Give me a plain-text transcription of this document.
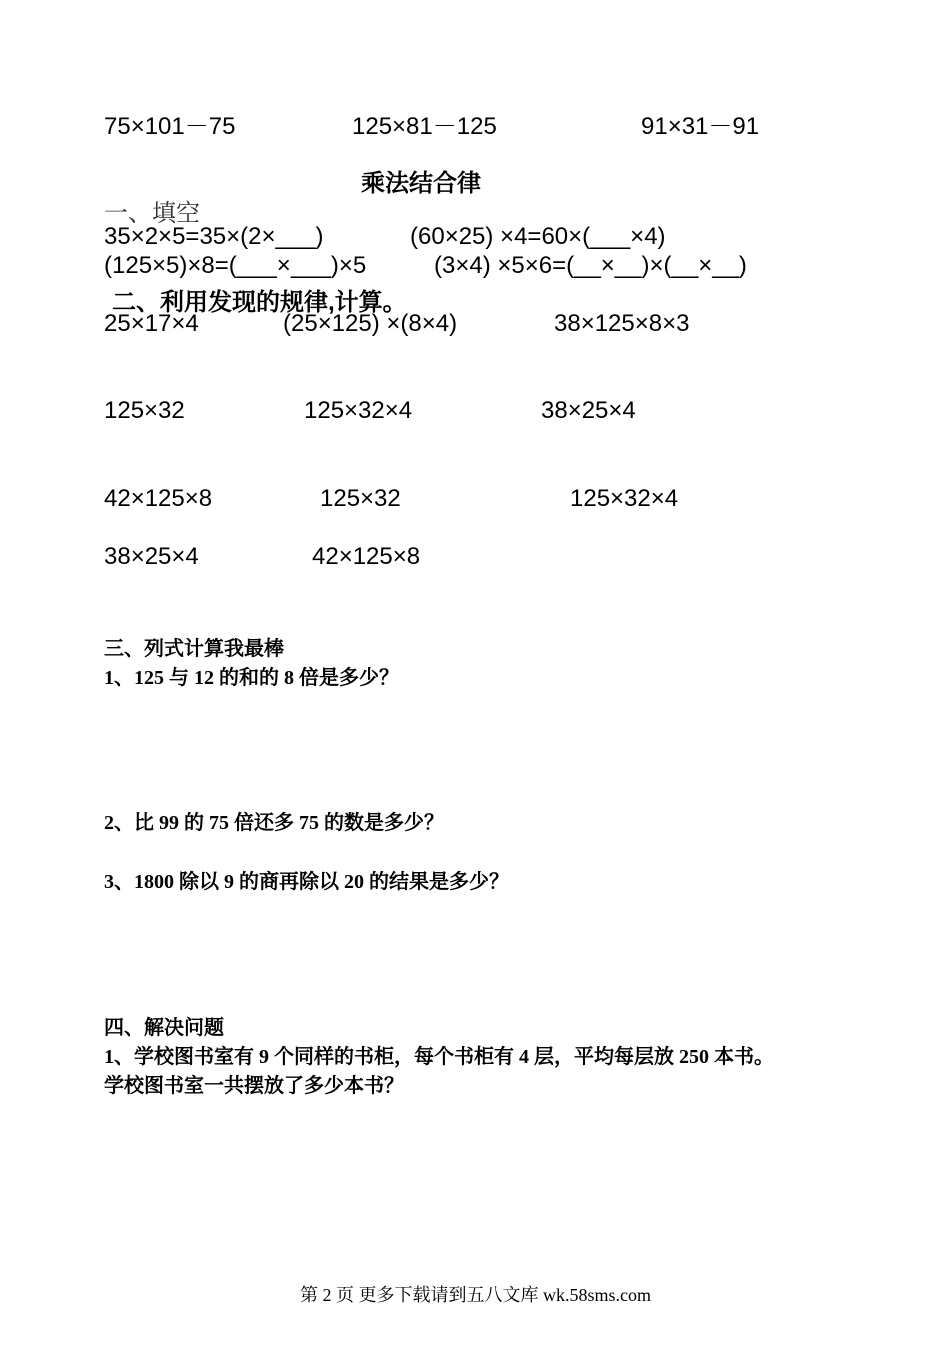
75×101－75	125×81－125	91×31－91
乘法结合律
一、填空
35×2×5=35×(2×___)	(60×25) ×4=60×(___×4)
(125×5)×8=(___×___)×5	(3×4) ×5×6=(__×__)×(__×__)
二、利用发现的规律,计算。
25×17×4	(25×125) ×(8×4)	38×125×8×3
125×32	125×32×4	38×25×4
42×125×8	125×32	125×32×4
38×25×4	42×125×8
三、列式计算我最棒
1、125 与 12 的和的 8 倍是多少？
2、比 99 的 75 倍还多 75 的数是多少？
3、1800 除以 9 的商再除以 20 的结果是多少？
四、解决问题
1、学校图书室有 9 个同样的书柜，每个书柜有 4 层，平均每层放 250 本书。
学校图书室一共摆放了多少本书？
第 2 页 更多下载请到五八文库 wk.58sms.com
